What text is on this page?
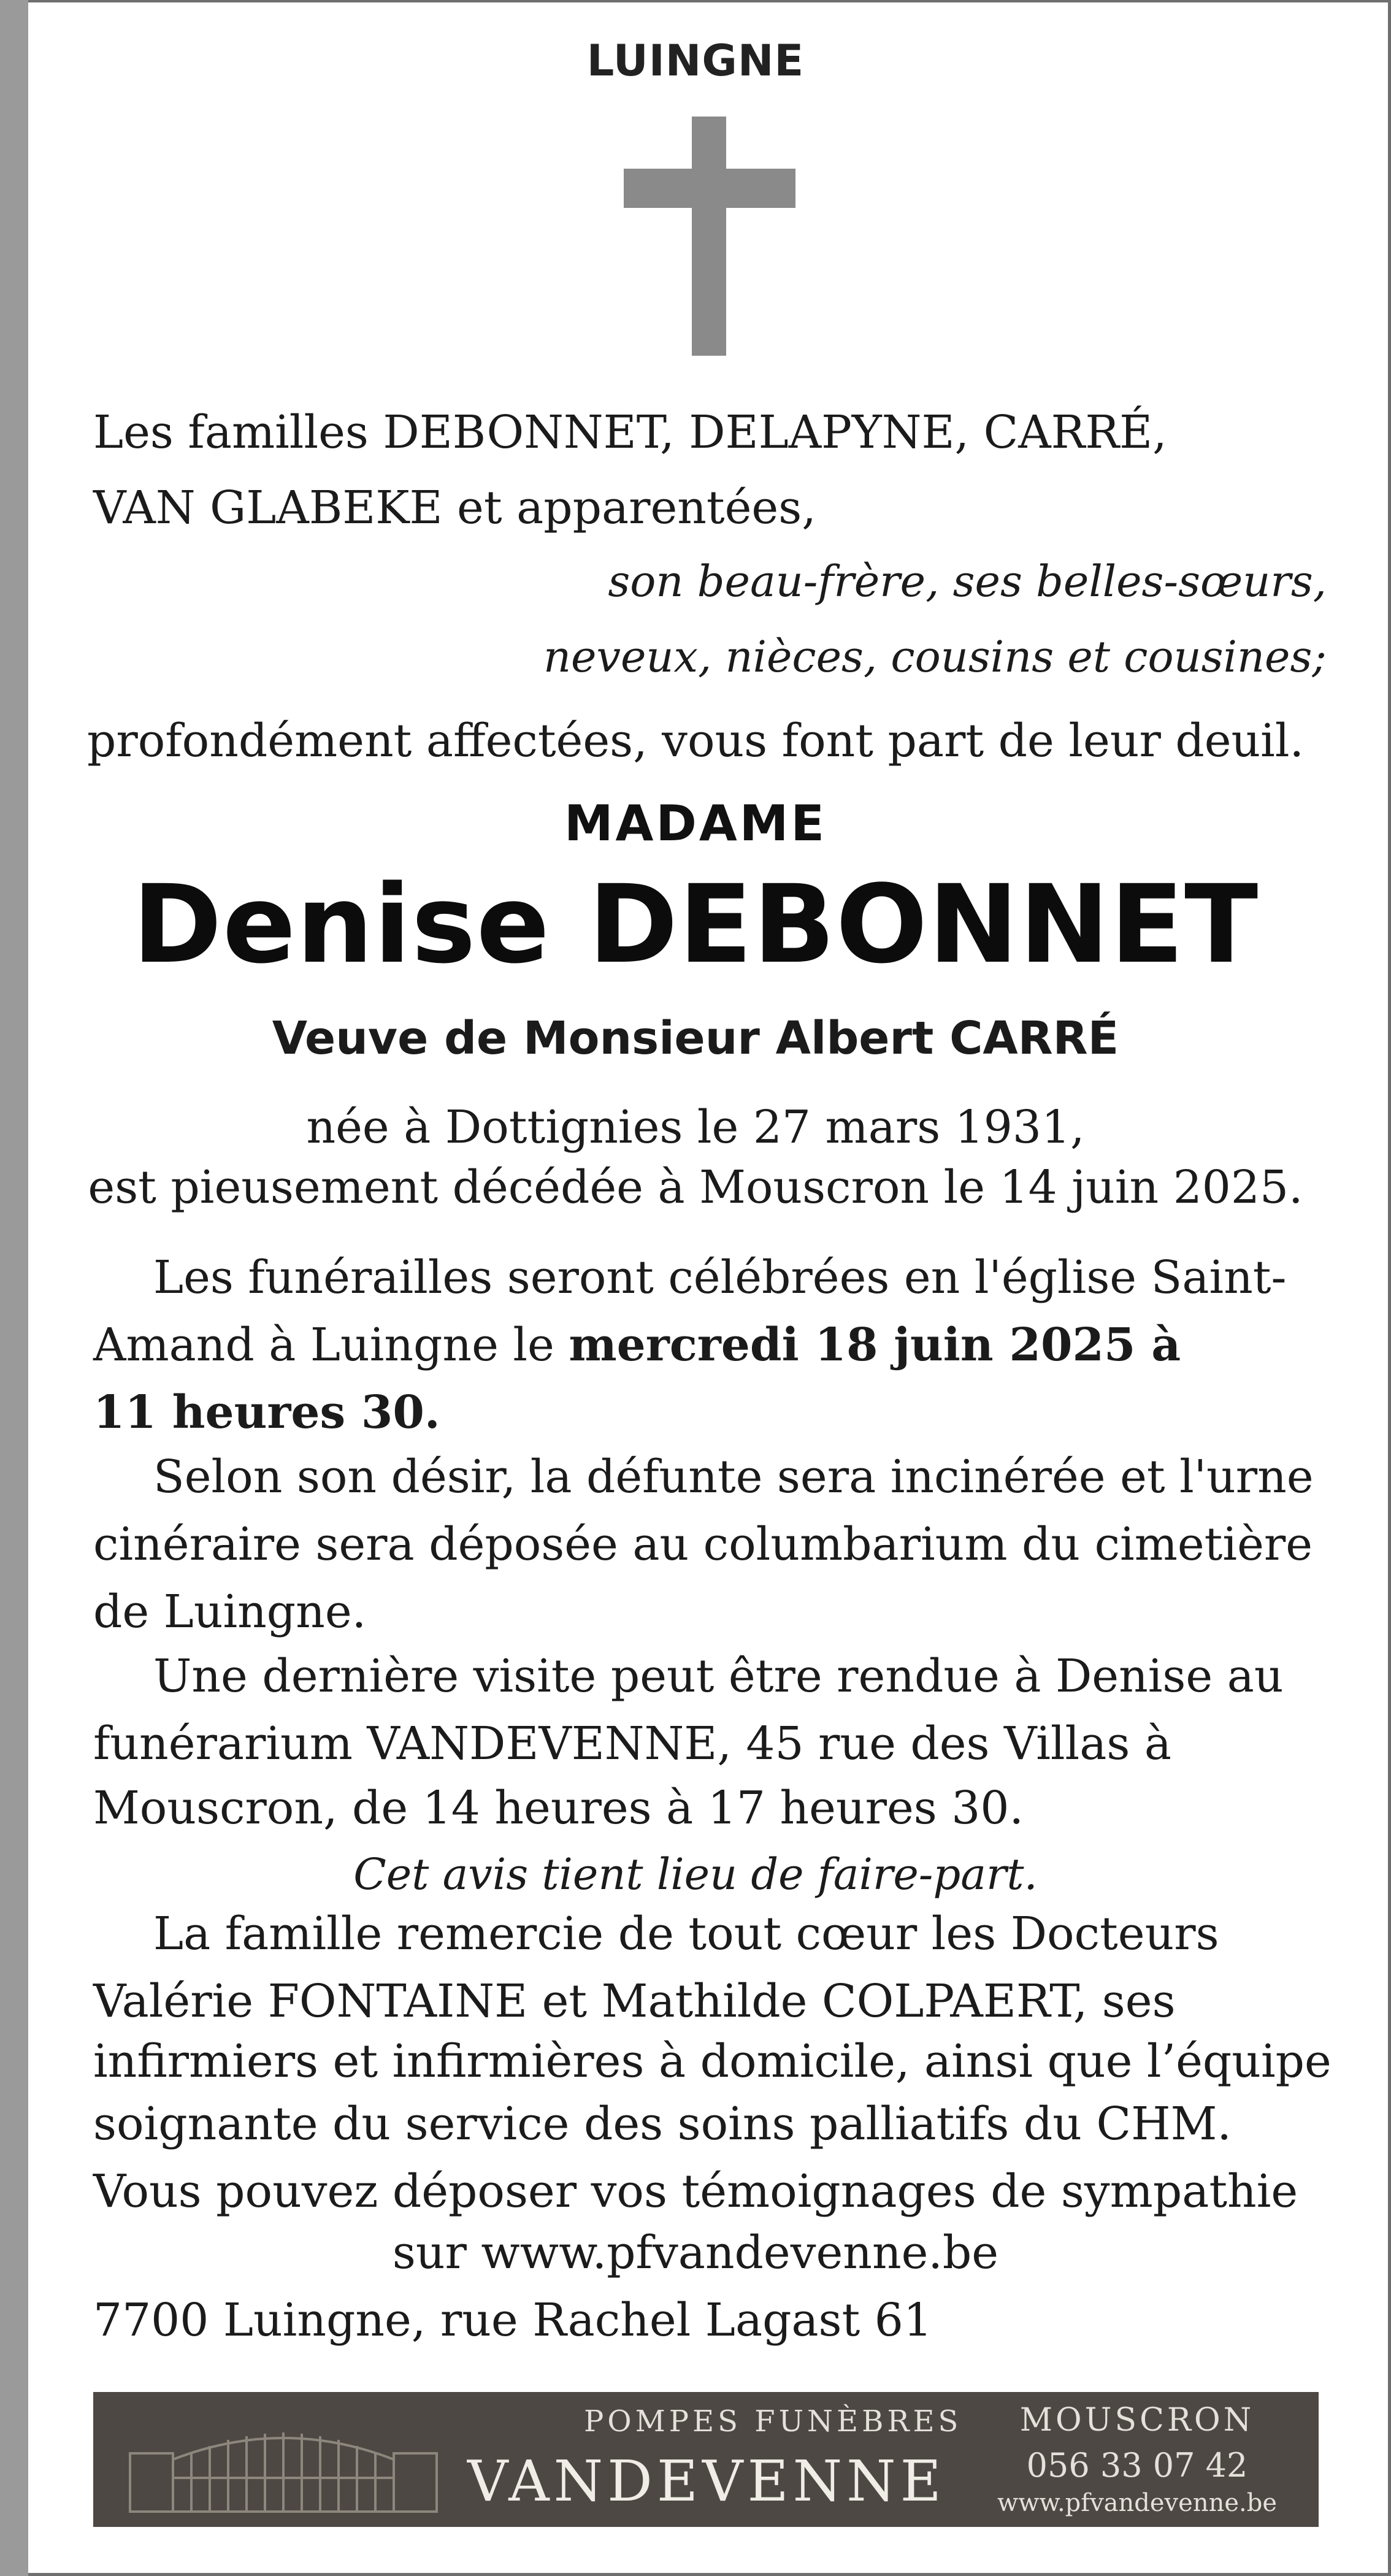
LUINGNE
Les familles DEBONNET, DELAPYNE, CARRÉ,
VAN GLABEKE et apparentées,
son beau-frère, ses belles-sœurs,
neveux, nièces, cousins et cousines;
profondément affectées, vous font part de leur deuil.
MADAME
Denise DEBONNET
Veuve de Monsieur Albert CARRÉ
née à Dottignies le 27 mars 1931,
est pieusement décédée à Mouscron le 14 juin 2025.
Les funérailles seront célébrées en l'église Saint-
Amand à Luingne le mercredi 18 juin 2025 à
11 heures 30.
Selon son désir, la défunte sera incinérée et l'urne
cinéraire sera déposée au columbarium du cimetière
de Luingne.
Une dernière visite peut être rendue à Denise au
funérarium VANDEVENNE, 45 rue des Villas à
Mouscron, de 14 heures à 17 heures 30.
Cet avis tient lieu de faire-part.
La famille remercie de tout cœur les Docteurs
Valérie FONTAINE et Mathilde COLPAERT, ses
infirmiers et infirmières à domicile, ainsi que l’équipe
soignante du service des soins palliatifs du CHM.
Vous pouvez déposer vos témoignages de sympathie
sur www.pfvandevenne.be
7700 Luingne, rue Rachel Lagast 61
POMPES FUNÈBRES
VANDEVENNE
MOUSCRON
056 33 07 42
www.pfvandevenne.be
